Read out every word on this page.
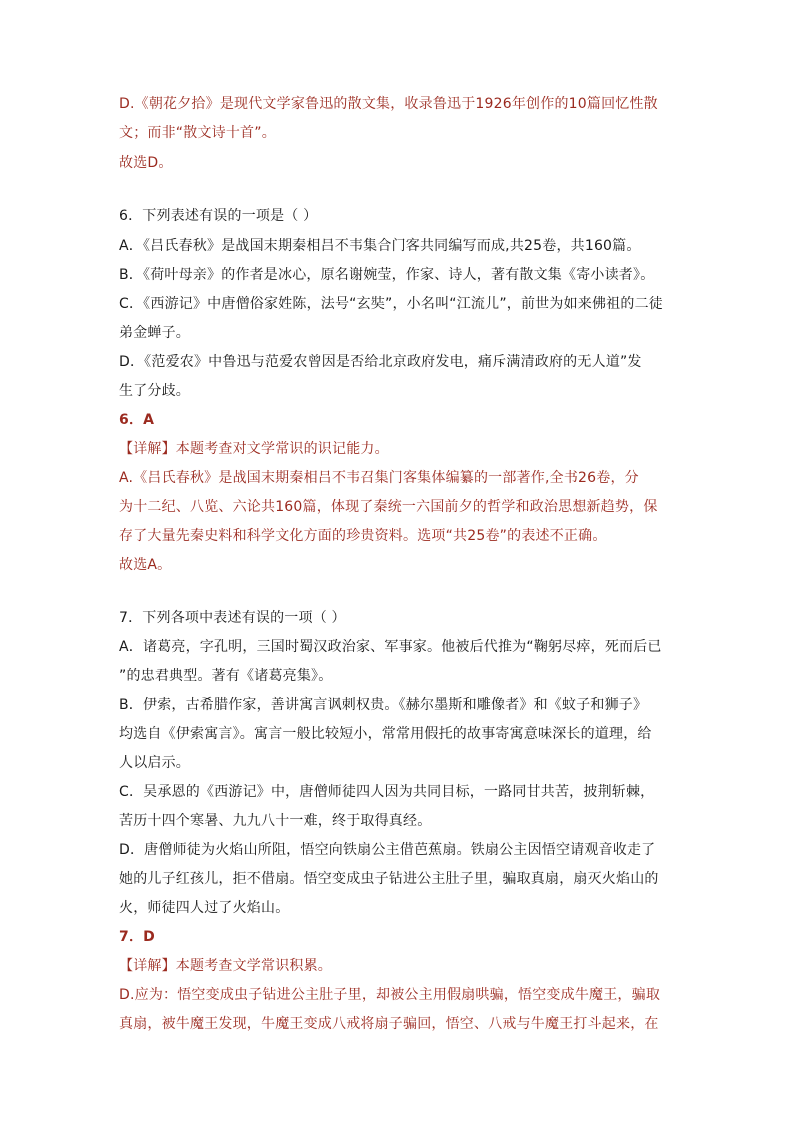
D.《朝花夕拾》是现代文学家鲁迅的散文集，收录鲁迅于1926年创作的10篇回忆性散
文；而非“散文诗十首”。
故选D。
6．下列表述有误的一项是（ ）
A．《吕氏春秋》是战国末期秦相吕不韦集合门客共同编写而成,共25卷，共160篇。
B．《荷叶母亲》的作者是冰心，原名谢婉莹，作家、诗人，著有散文集《寄小读者》。
C．《西游记》中唐僧俗家姓陈，法号“玄奘”，小名叫“江流儿”，前世为如来佛祖的二徒
弟金蝉子。
D．《范爱农》中鲁迅与范爱农曾因是否给北京政府发电，痛斥满清政府的无人道”发
生了分歧。
6．A
【详解】本题考查对文学常识的识记能力。
A.《吕氏春秋》是战国末期秦相吕不韦召集门客集体编纂的一部著作,全书26卷，分
为十二纪、八览、六论共160篇，体现了秦统一六国前夕的哲学和政治思想新趋势，保
存了大量先秦史料和科学文化方面的珍贵资料。选项“共25卷”的表述不正确。
故选A。
7．下列各项中表述有误的一项（ ）
A．诸葛亮，字孔明，三国时蜀汉政治家、军事家。他被后代推为“鞠躬尽瘁，死而后已
”的忠君典型。著有《诸葛亮集》。
B．伊索，古希腊作家，善讲寓言讽刺权贵。《赫尔墨斯和雕像者》和《蚊子和狮子》
均选自《伊索寓言》。寓言一般比较短小，常常用假托的故事寄寓意味深长的道理，给
人以启示。
C．吴承恩的《西游记》中，唐僧师徒四人因为共同目标，一路同甘共苦，披荆斩棘，
苦历十四个寒暑、九九八十一难，终于取得真经。
D．唐僧师徒为火焰山所阻，悟空向铁扇公主借芭蕉扇。铁扇公主因悟空请观音收走了
她的儿子红孩儿，拒不借扇。悟空变成虫子钻进公主肚子里，骗取真扇，扇灭火焰山的
火，师徒四人过了火焰山。
7．D
【详解】本题考查文学常识积累。
D.应为：悟空变成虫子钻进公主肚子里，却被公主用假扇哄骗，悟空变成牛魔王，骗取
真扇，被牛魔王发现，牛魔王变成八戒将扇子骗回，悟空、八戒与牛魔王打斗起来，在
